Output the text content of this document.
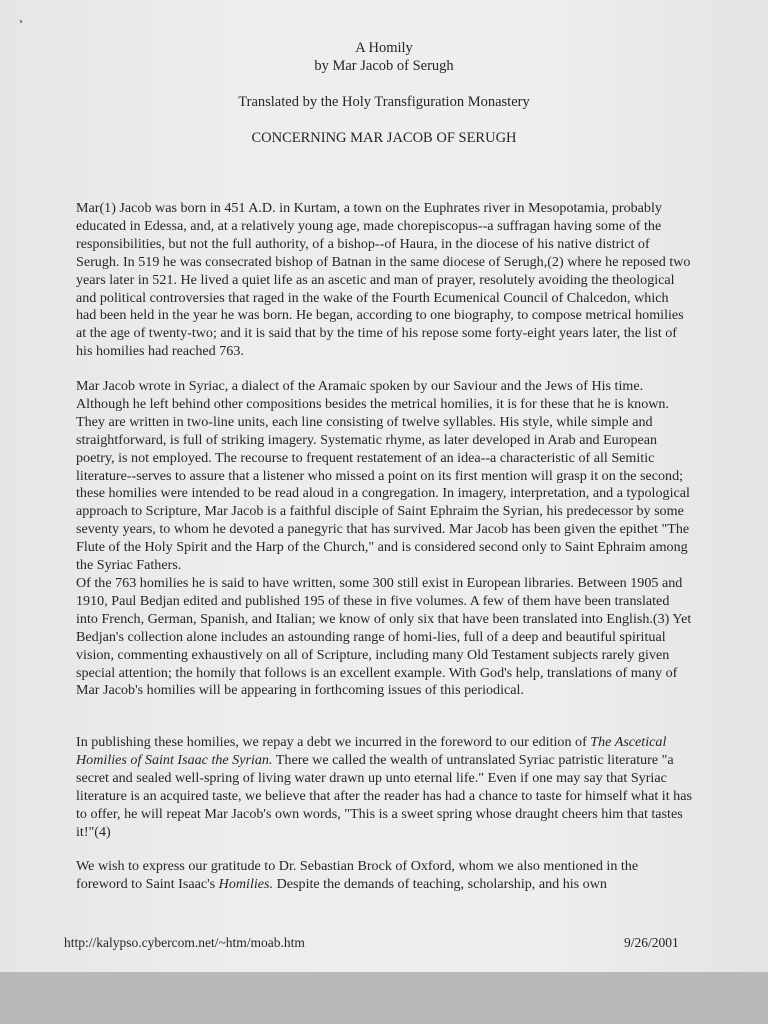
A Homily
by Mar Jacob of Serugh
Translated by the Holy Transfiguration Monastery
CONCERNING MAR JACOB OF SERUGH

Mar(1) Jacob was born in 451 A.D. in Kurtam, a town on the Euphrates river in Mesopotamia, probably educated in Edessa, and, at a relatively young age, made chorepiscopus--a suffragan having some of the responsibilities, but not the full authority, of a bishop--of Haura, in the diocese of his native district of Serugh. In 519 he was consecrated bishop of Batnan in the same diocese of Serugh,(2) where he reposed two years later in 521. He lived a quiet life as an ascetic and man of prayer, resolutely avoiding the theological and political controversies that raged in the wake of the Fourth Ecumenical Council of Chalcedon, which had been held in the year he was born. He began, according to one biography, to compose metrical homilies at the age of twenty-two; and it is said that by the time of his repose some forty-eight years later, the list of his homilies had reached 763.

Mar Jacob wrote in Syriac, a dialect of the Aramaic spoken by our Saviour and the Jews of His time. Although he left behind other compositions besides the metrical homilies, it is for these that he is known. They are written in two-line units, each line consisting of twelve syllables. His style, while simple and straightforward, is full of striking imagery. Systematic rhyme, as later developed in Arab and European poetry, is not employed. The recourse to frequent restatement of an idea--a characteristic of all Semitic literature--serves to assure that a listener who missed a point on its first mention will grasp it on the second; these homilies were intended to be read aloud in a congregation. In imagery, interpretation, and a typological approach to Scripture, Mar Jacob is a faithful disciple of Saint Ephraim the Syrian, his predecessor by some seventy years, to whom he devoted a panegyric that has survived. Mar Jacob has been given the epithet "The Flute of the Holy Spirit and the Harp of the Church," and is considered second only to Saint Ephraim among the Syriac Fathers.

Of the 763 homilies he is said to have written, some 300 still exist in European libraries. Between 1905 and 1910, Paul Bedjan edited and published 195 of these in five volumes. A few of them have been translated into French, German, Spanish, and Italian; we know of only six that have been translated into English.(3) Yet Bedjan's collection alone includes an astounding range of homi-lies, full of a deep and beautiful spiritual vision, commenting exhaustively on all of Scripture, including many Old Testament subjects rarely given special attention; the homily that follows is an excellent example. With God's help, translations of many of Mar Jacob's homilies will be appearing in forthcoming issues of this periodical.

In publishing these homilies, we repay a debt we incurred in the foreword to our edition of The Ascetical Homilies of Saint Isaac the Syrian. There we called the wealth of untranslated Syriac patristic literature "a secret and sealed well-spring of living water drawn up unto eternal life." Even if one may say that Syriac literature is an acquired taste, we believe that after the reader has had a chance to taste for himself what it has to offer, he will repeat Mar Jacob's own words, "This is a sweet spring whose draught cheers him that tastes it!"(4)

We wish to express our gratitude to Dr. Sebastian Brock of Oxford, whom we also mentioned in the foreword to Saint Isaac's Homilies. Despite the demands of teaching, scholarship, and his own

http://kalypso.cybercom.net/~htm/moab.htm	9/26/2001
